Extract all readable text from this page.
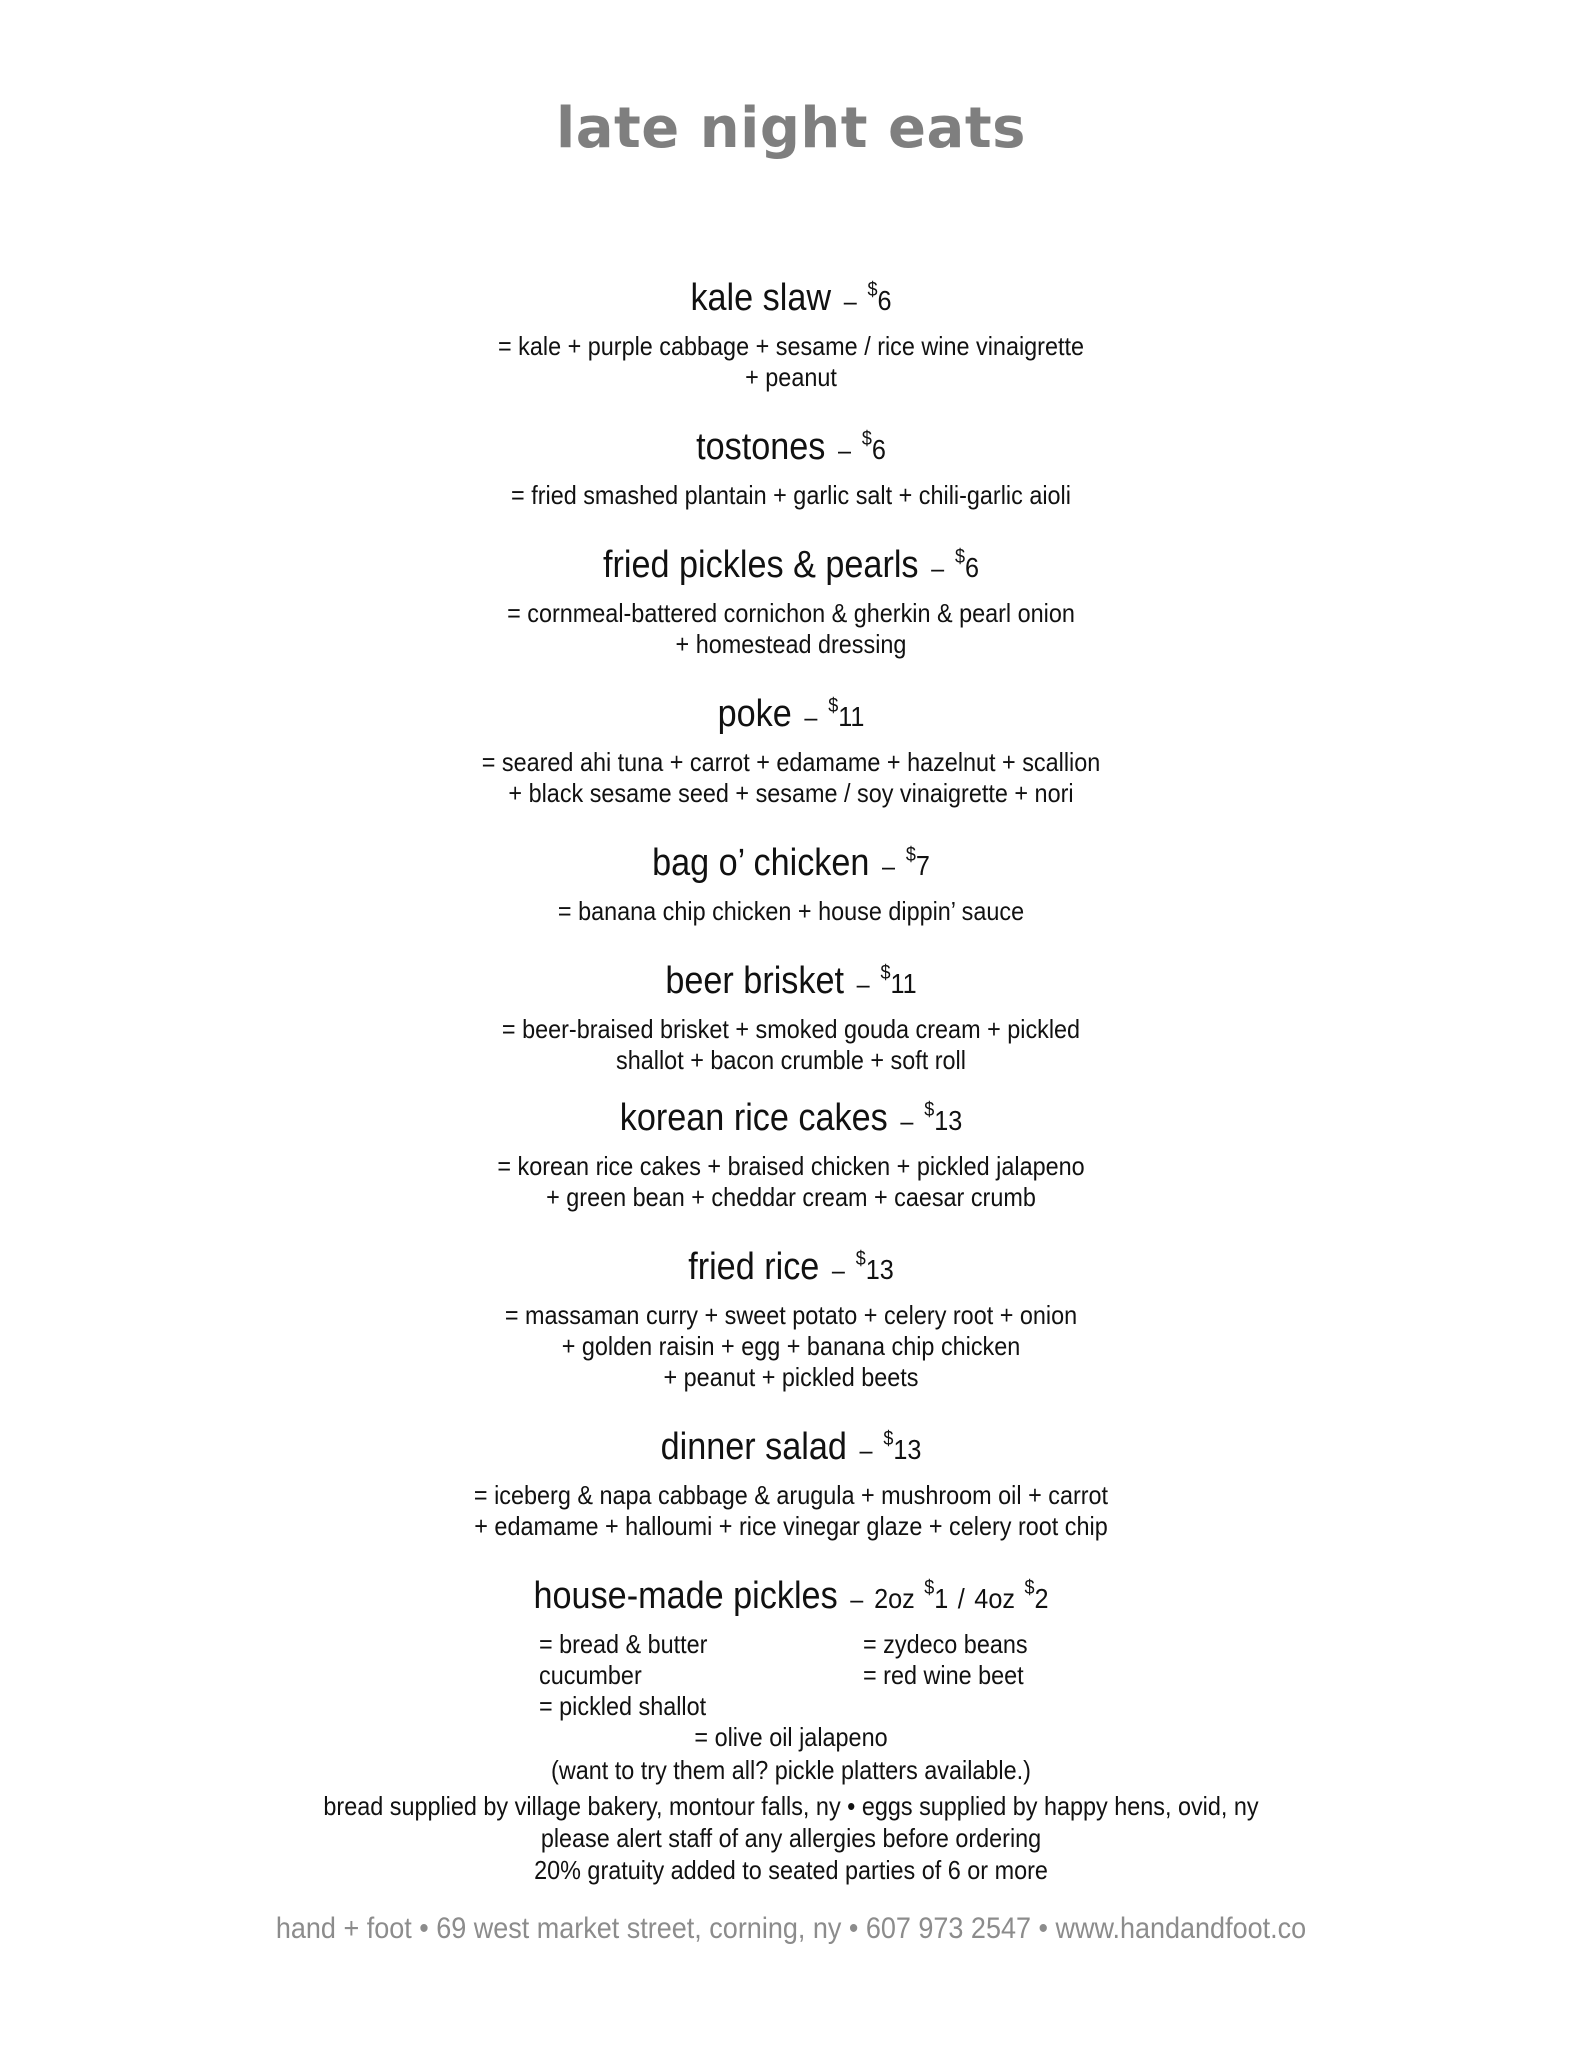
late night eats
kale slaw – $6
= kale + purple cabbage + sesame / rice wine vinaigrette
+ peanut
tostones – $6
= fried smashed plantain + garlic salt + chili-garlic aioli
fried pickles & pearls – $6
= cornmeal-battered cornichon & gherkin & pearl onion
+ homestead dressing
poke – $11
= seared ahi tuna + carrot + edamame + hazelnut + scallion
+ black sesame seed + sesame / soy vinaigrette + nori
bag o’ chicken – $7
= banana chip chicken + house dippin’ sauce
beer brisket – $11
= beer-braised brisket + smoked gouda cream + pickled
shallot + bacon crumble + soft roll
korean rice cakes – $13
= korean rice cakes + braised chicken + pickled jalapeno
+ green bean + cheddar cream + caesar crumb
fried rice – $13
= massaman curry + sweet potato + celery root + onion
+ golden raisin + egg + banana chip chicken
+ peanut + pickled beets
dinner salad – $13
= iceberg & napa cabbage & arugula + mushroom oil + carrot
+ edamame + halloumi + rice vinegar glaze + celery root chip
house-made pickles – 2oz $1 / 4oz $2
= bread & butter cucumber
= pickled shallot
= zydeco beans
= red wine beet
= olive oil jalapeno
(want to try them all? pickle platters available.)
bread supplied by village bakery, montour falls, ny • eggs supplied by happy hens, ovid, ny
please alert staff of any allergies before ordering
20% gratuity added to seated parties of 6 or more
hand + foot • 69 west market street, corning, ny • 607 973 2547 • www.handandfoot.co
